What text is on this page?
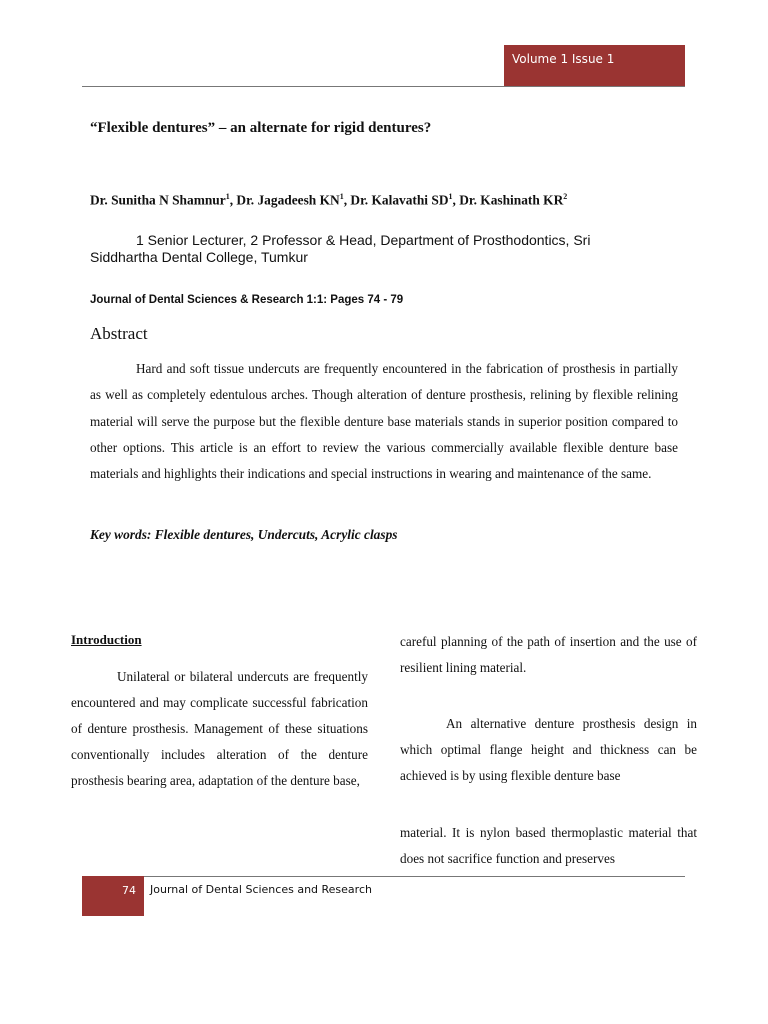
Volume 1 Issue 1
“Flexible dentures” – an alternate for rigid dentures?
Dr. Sunitha N Shamnur$^1$, Dr. Jagadeesh $KN^1$, Dr. Kalavathi $SD^1$, Dr. Kashinath $KR^2$
1 Senior Lecturer, 2 Professor & Head, Department of Prosthodontics, Sri Siddhartha Dental College, Tumkur
Journal of Dental Sciences & Research 1:1: Pages 74 - 79
Abstract
Hard and soft tissue undercuts are frequently encountered in the fabrication of prosthesis in partially as well as completely edentulous arches. Though alteration of denture prosthesis, relining by flexible relining material will serve the purpose but the flexible denture base materials stands in superior position compared to other options. This article is an effort to review the various commercially available flexible denture base materials and highlights their indications and special instructions in wearing and maintenance of the same.
Key words: Flexible dentures, Undercuts, Acrylic clasps
Introduction
Unilateral or bilateral undercuts are frequently encountered and may complicate successful fabrication of denture prosthesis. Management of these situations conventionally includes alteration of the denture prosthesis bearing area, adaptation of the denture base,
careful planning of the path of insertion and the use of resilient lining material.
An alternative denture prosthesis design in which optimal flange height and thickness can be achieved is by using flexible denture base
material. It is nylon based thermoplastic material that does not sacrifice function and preserves
74	Journal of Dental Sciences and Research
